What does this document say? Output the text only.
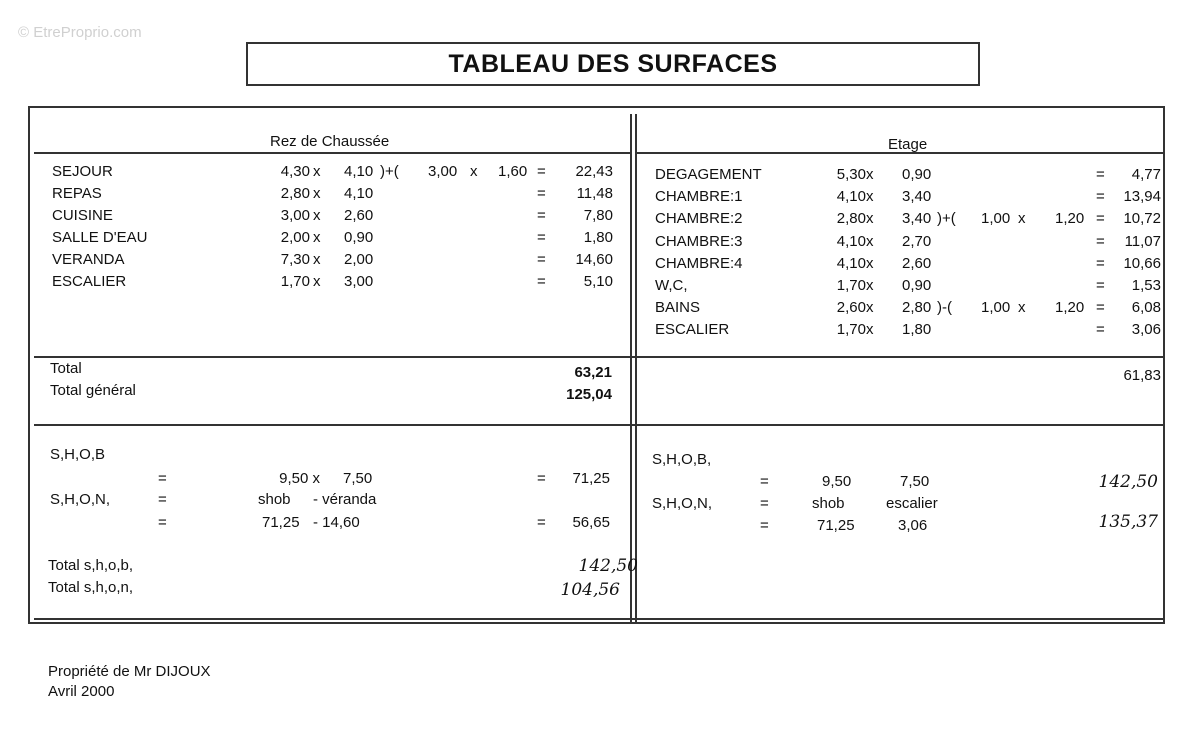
© EtreProprio.com
TABLEAU DES SURFACES
Rez de Chaussée	Etage
SEJOUR	4,30 x 4,10 )+( 3,00 x 1,60 =	22,43
REPAS	2,80 x 4,10	=	11,48
CUISINE	3,00 x 2,60	=	7,80
SALLE D'EAU	2,00 x 0,90	=	1,80
VERANDA	7,30 x 2,00	=	14,60
ESCALIER	1,70 x 3,00	=	5,10
DEGAGEMENT	5,30 x 0,90	=	4,77
CHAMBRE:1	4,10 x 3,40	=	13,94
CHAMBRE:2	2,80 x 3,40 )+( 1,00 x 1,20 =	10,72
CHAMBRE:3	4,10 x 2,70	=	11,07
CHAMBRE:4	4,10 x 2,60	=	10,66
W,C,	1,70 x 0,90	=	1,53
BAINS	2,60 x 2,80 )-( 1,00 x 1,20 =	6,08
ESCALIER	1,70 x 1,80	=	3,06
Total	63,21
Total général	125,04
61,83
S,H,O,B
=	9,50 x 7,50	=	71,25
S,H,O,N,	=	shob - véranda
=	71,25 - 14,60	=	56,65
Total s,h,o,b,	142,50
Total s,h,o,n,	104,56
S,H,O,B,
=	9,50	7,50	142,50
S,H,O,N,	=	shob	escalier
=	71,25	3,06	135,37
Propriété de Mr DIJOUX
Avril 2000
